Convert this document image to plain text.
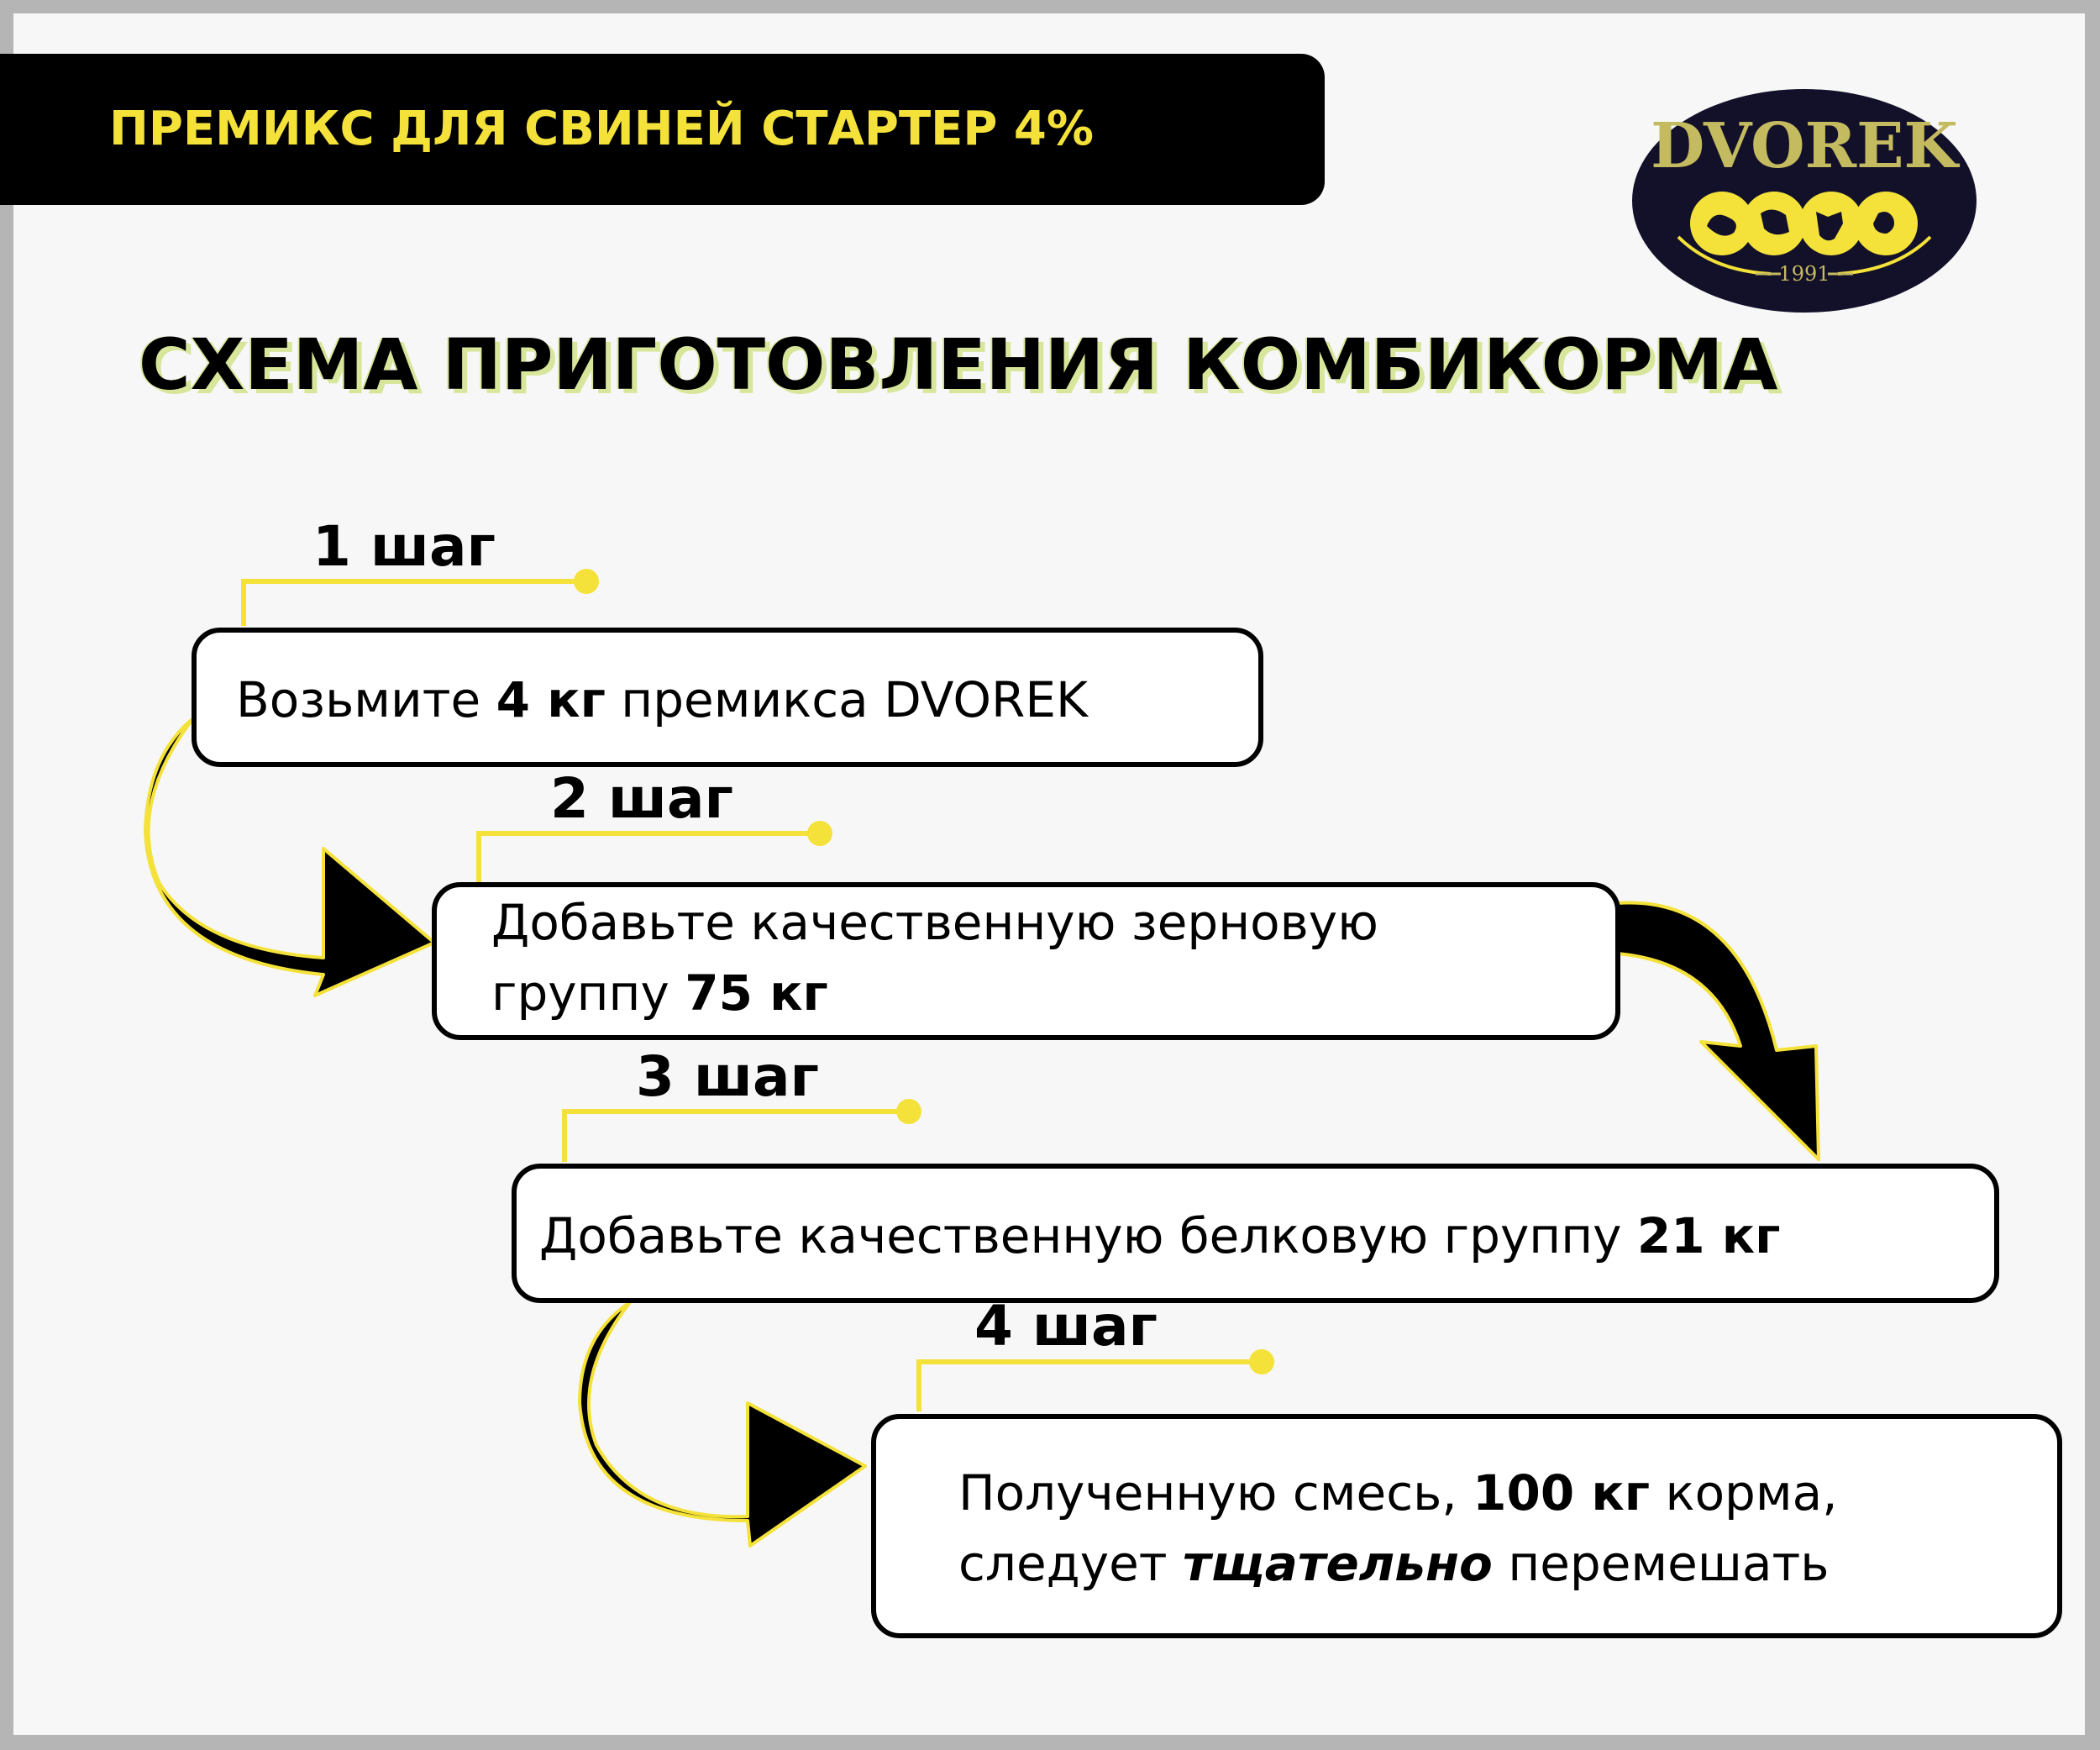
ПРЕМИКС ДЛЯ СВИНЕЙ СТАРТЕР 4%	DVOREK
1991
СХЕМА ПРИГОТОВЛЕНИЯ КОМБИКОРМА
1 шаг
Возьмите 4 кг премикса DVOREK
2 шаг
Добавьте качественную зерновую
группу 75 кг
3 шаг
Добавьте качественную белковую группу 21 кг
4 шаг
Полученную смесь, 100 кг корма,
следует тщательно перемешать
